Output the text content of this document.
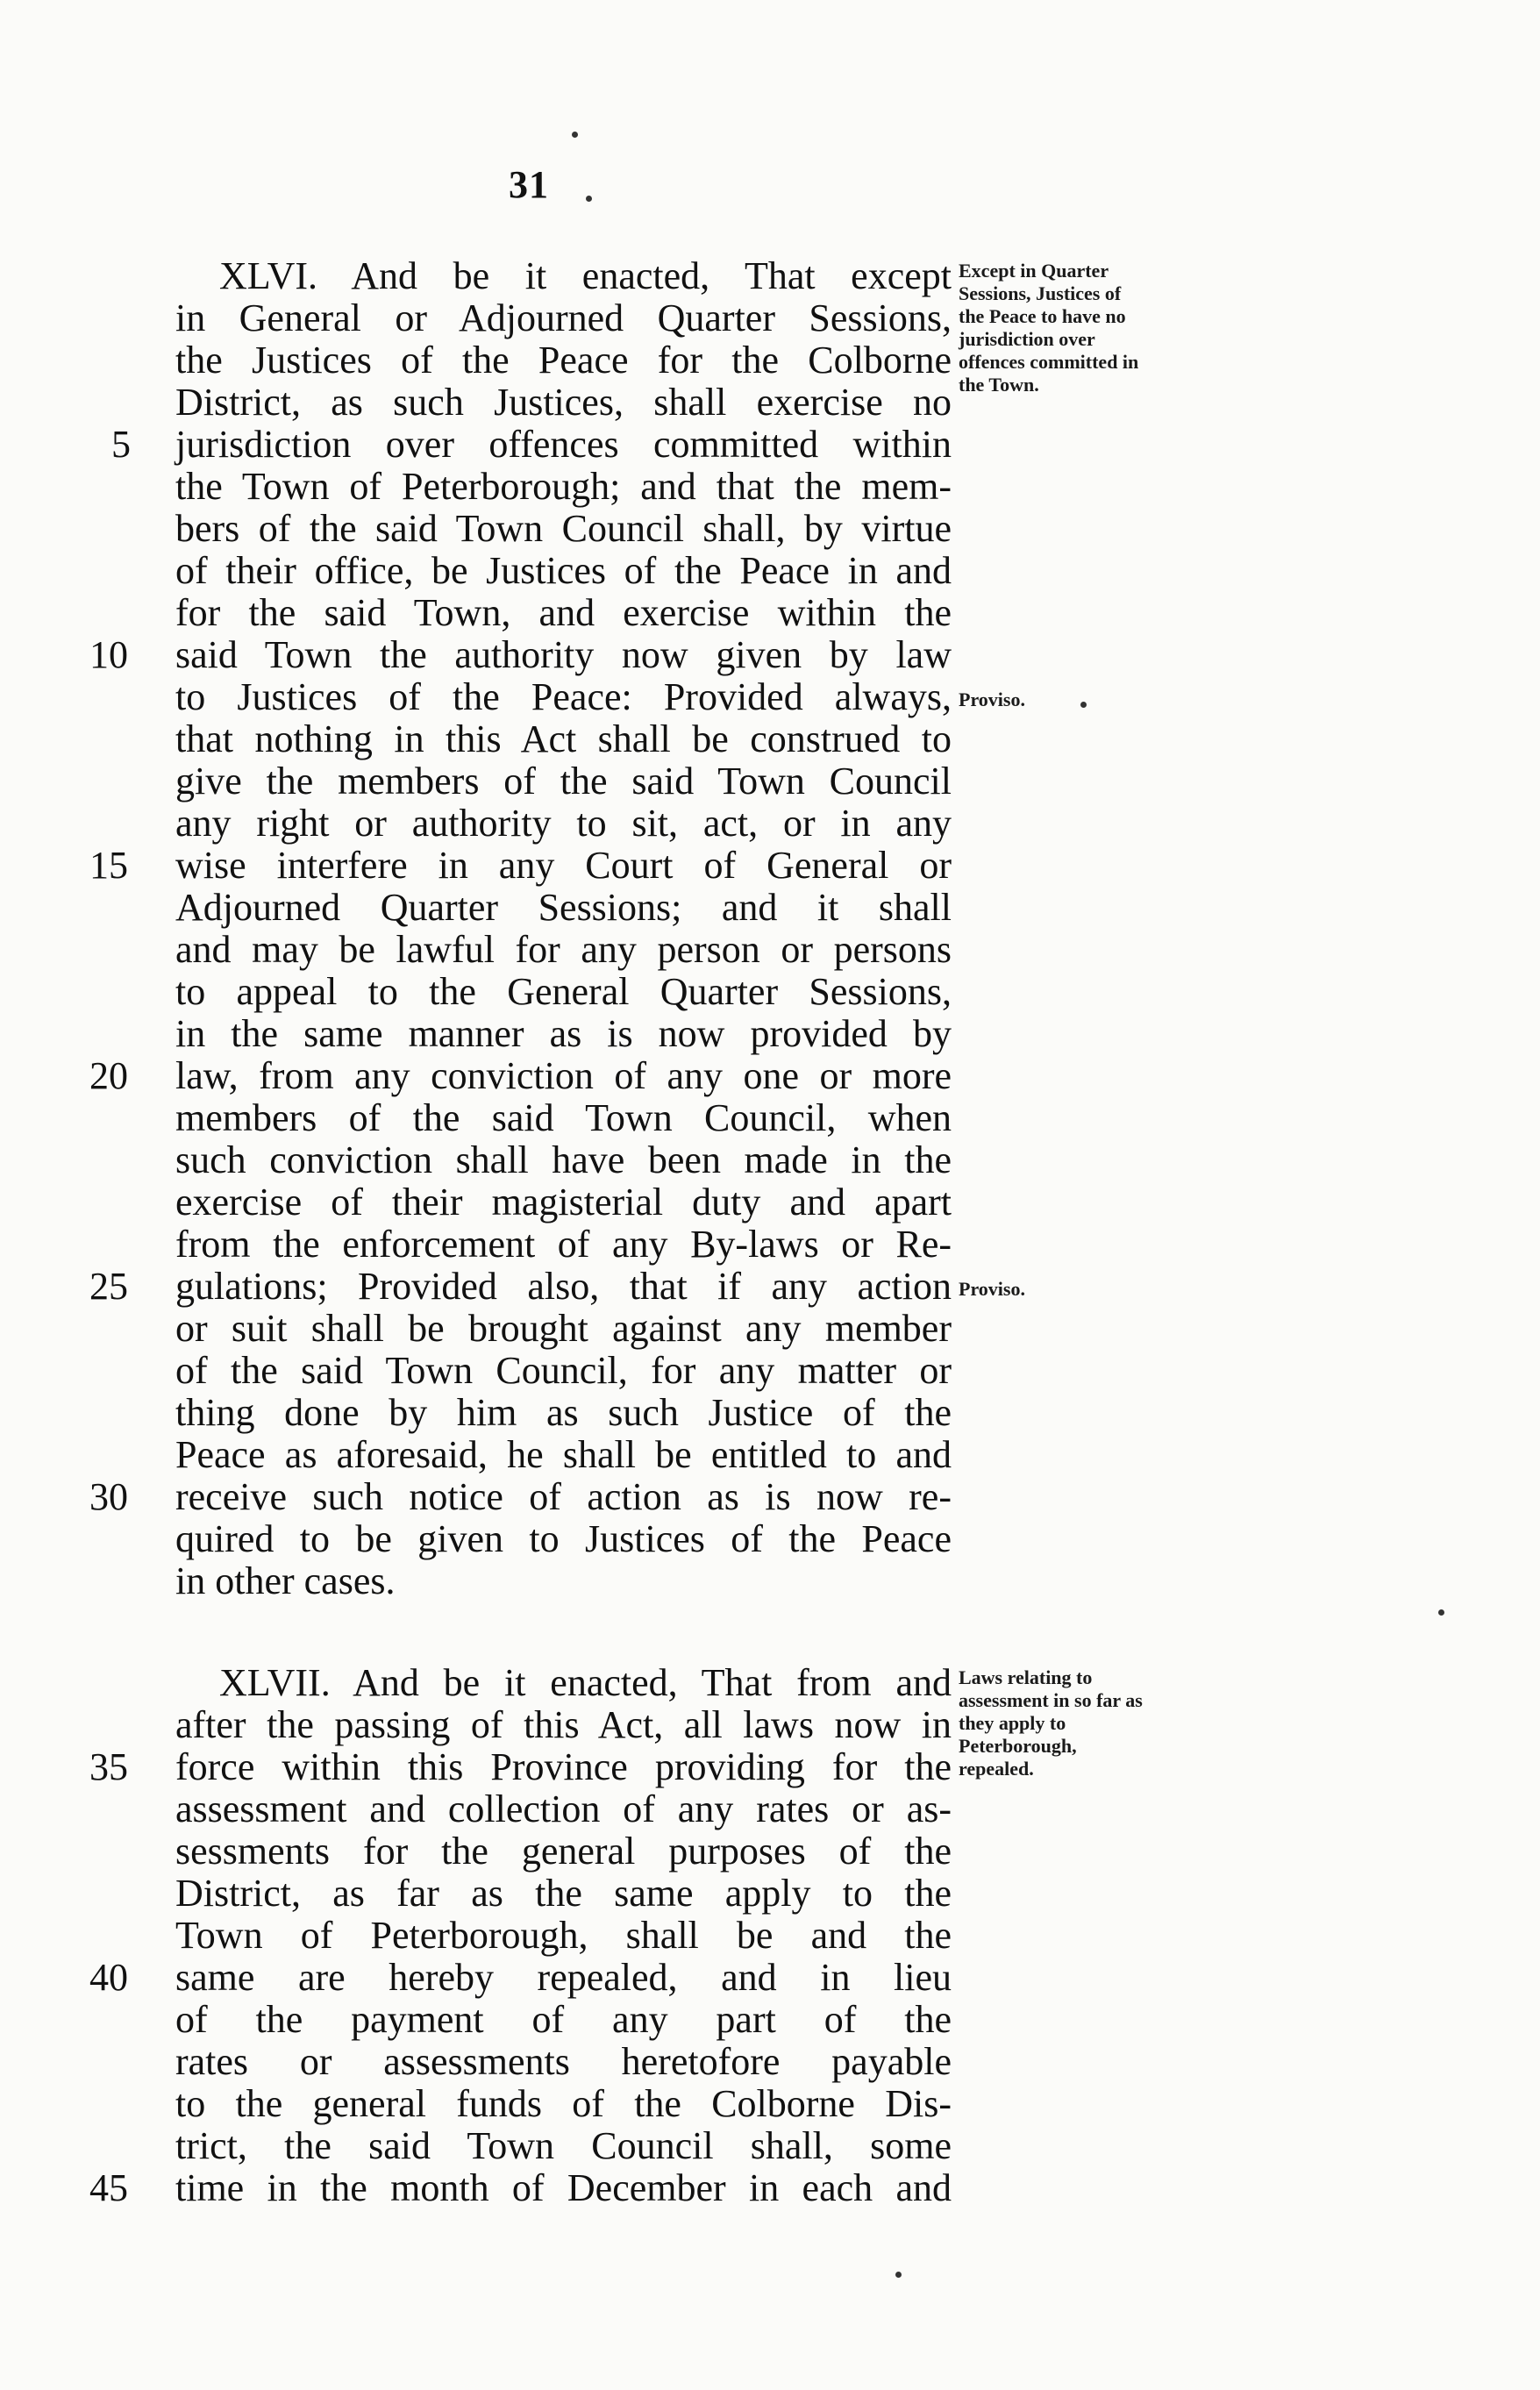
31
XLVI. And be it enacted, That except
in General or Adjourned Quarter Sessions,
the Justices of the Peace for the Colborne
District, as such Justices, shall exercise no
jurisdiction over offences committed within
the Town of Peterborough; and that the mem-
bers of the said Town Council shall, by virtue
of their office, be Justices of the Peace in and
for the said Town, and exercise within the
said Town the authority now given by law
to Justices of the Peace: Provided always,
that nothing in this Act shall be construed to
give the members of the said Town Council
any right or authority to sit, act, or in any
wise interfere in any Court of General or
Adjourned Quarter Sessions; and it shall
and may be lawful for any person or persons
to appeal to the General Quarter Sessions,
in the same manner as is now provided by
law, from any conviction of any one or more
members of the said Town Council, when
such conviction shall have been made in the
exercise of their magisterial duty and apart
from the enforcement of any By-laws or Re-
gulations; Provided also, that if any action
or suit shall be brought against any member
of the said Town Council, for any matter or
thing done by him as such Justice of the
Peace as aforesaid, he shall be entitled to and
receive such notice of action as is now re-
quired to be given to Justices of the Peace
in other cases.
XLVII. And be it enacted, That from and
after the passing of this Act, all laws now in
force within this Province providing for the
assessment and collection of any rates or as-
sessments for the general purposes of the
District, as far as the same apply to the
Town of Peterborough, shall be and the
same are hereby repealed, and in lieu
of the payment of any part of the
rates or assessments heretofore payable
to the general funds of the Colborne Dis-
trict, the said Town Council shall, some
time in the month of December in each and
5
10
15
20
25
30
35
40
45
Except in Quarter Sessions, Justices of the Peace to have no jurisdiction over offences committed in the Town.
Proviso.
Proviso.
Laws relating to assessment in so far as they apply to Peterborough, repealed.
